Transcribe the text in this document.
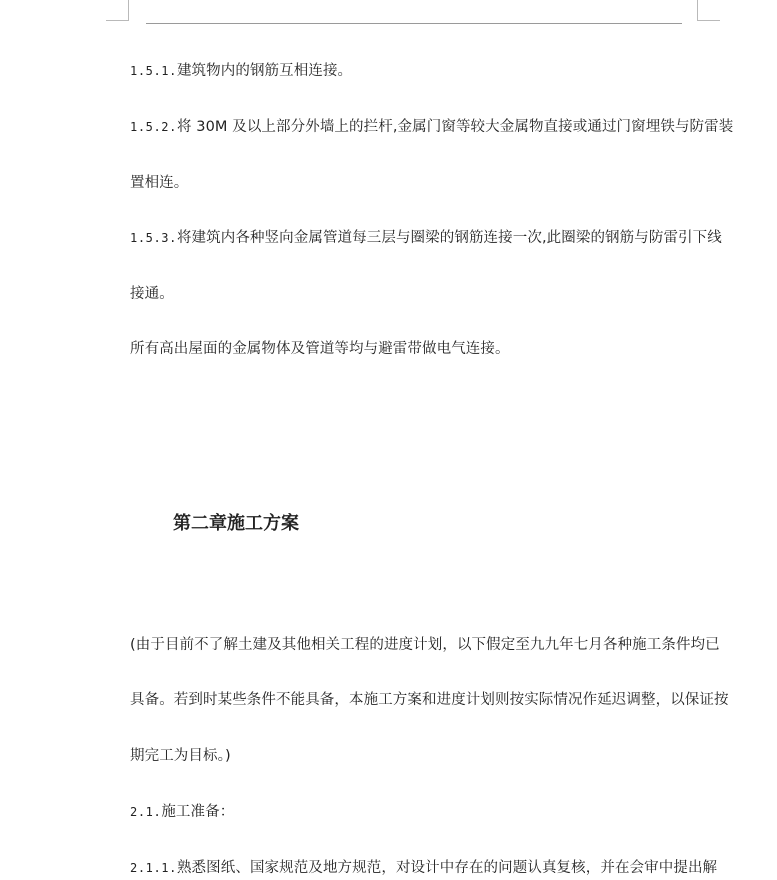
1.5.1.建筑物内的钢筋互相连接。
1.5.2.将 30M 及以上部分外墙上的拦杆,金属门窗等较大金属物直接或通过门窗埋铁与防雷装
置相连。
1.5.3.将建筑内各种竖向金属管道每三层与圈梁的钢筋连接一次,此圈梁的钢筋与防雷引下线
接通。
所有高出屋面的金属物体及管道等均与避雷带做电气连接。
第二章施工方案
(由于目前不了解土建及其他相关工程的进度计划，以下假定至九九年七月各种施工条件均已
具备。若到时某些条件不能具备，本施工方案和进度计划则按实际情况作延迟调整，以保证按
期完工为目标。)
2.1.施工准备：
2.1.1.熟悉图纸、国家规范及地方规范，对设计中存在的问题认真复核，并在会审中提出解
